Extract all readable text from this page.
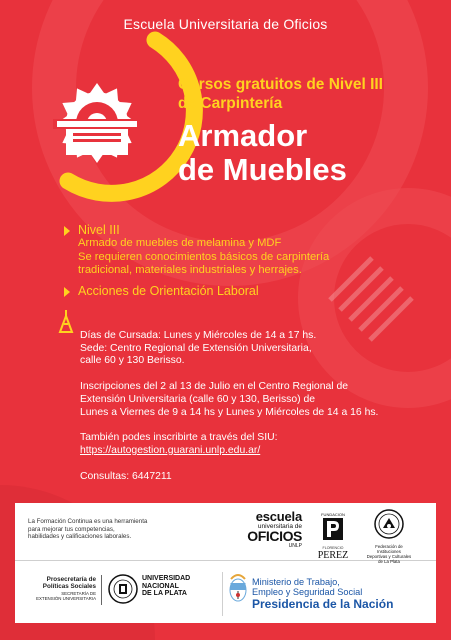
Escuela Universitaria de Oficios
Cursos gratuitos de Nivel III
de Carpintería
Armador
de Muebles
Nivel III
Armado de muebles de melamina y MDF
Se requieren conocimientos básicos de carpintería
tradicional, materiales industriales y herrajes.
Acciones de Orientación Laboral

Días de Cursada: Lunes y Miércoles de 14 a 17 hs.
Sede: Centro Regional de Extensión Universitaria,
calle 60 y 130 Berisso.

Inscripciones del 2 al 13 de Julio en el Centro Regional de
Extensión Universitaria (calle 60 y 130, Berisso) de
Lunes a Viernes de 9 a 14 hs y Lunes y Miércoles de 14 a 16 hs.

También podes inscribirte a través del SIU:
https://autogestion.guarani.unlp.edu.ar/

Consultas: 6447211

La Formación Continua es una herramienta
para mejorar tus competencias,
habilidades y calificaciones laborales.
escuela
universitaria de
OFICIOS
UNLP
FUNDACION
FLORENCIO
PEREZ
Federación de Instituciones
Deportivas y Culturales
de La Plata
Prosecretaría de
Políticas Sociales
SECRETARÍA DE
EXTENSIÓN UNIVERSITARIA
UNIVERSIDAD
NACIONAL
DE LA PLATA
Ministerio de Trabajo,
Empleo y Seguridad Social
Presidencia de la Nación
